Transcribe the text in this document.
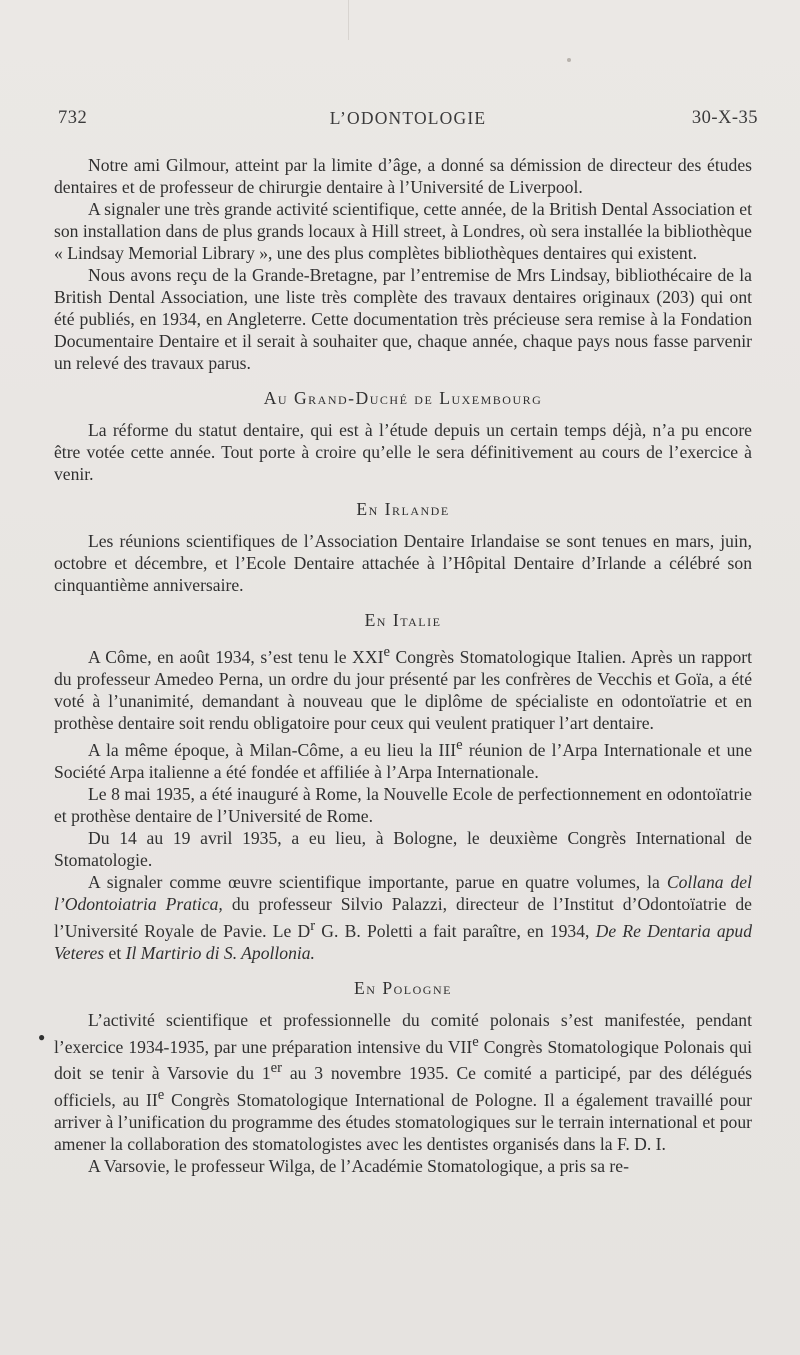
732	L’ODONTOLOGIE	30-X-35

Notre ami Gilmour, atteint par la limite d’âge, a donné sa démission de directeur des études dentaires et de professeur de chirurgie dentaire à l’Université de Liverpool.

A signaler une très grande activité scientifique, cette année, de la British Dental Association et son installation dans de plus grands locaux à Hill street, à Londres, où sera installée la bibliothèque « Lindsay Memorial Library », une des plus complètes bibliothèques dentaires qui existent.

Nous avons reçu de la Grande-Bretagne, par l’entremise de Mrs Lindsay, bibliothécaire de la British Dental Association, une liste très complète des travaux dentaires originaux (203) qui ont été publiés, en 1934, en Angleterre. Cette documentation très précieuse sera remise à la Fondation Documentaire Dentaire et il serait à souhaiter que, chaque année, chaque pays nous fasse parvenir un relevé des travaux parus.

Au Grand-Duché de Luxembourg

La réforme du statut dentaire, qui est à l’étude depuis un certain temps déjà, n’a pu encore être votée cette année. Tout porte à croire qu’elle le sera définitivement au cours de l’exercice à venir.

En Irlande

Les réunions scientifiques de l’Association Dentaire Irlandaise se sont tenues en mars, juin, octobre et décembre, et l’Ecole Dentaire attachée à l’Hôpital Dentaire d’Irlande a célébré son cinquantième anniversaire.

En Italie

A Côme, en août 1934, s’est tenu le XXIe Congrès Stomatologique Italien. Après un rapport du professeur Amedeo Perna, un ordre du jour présenté par les confrères de Vecchis et Goïa, a été voté à l’unanimité, demandant à nouveau que le diplôme de spécialiste en odontoïatrie et en prothèse dentaire soit rendu obligatoire pour ceux qui veulent pratiquer l’art dentaire.

A la même époque, à Milan-Côme, a eu lieu la IIIe réunion de l’Arpa Internationale et une Société Arpa italienne a été fondée et affiliée à l’Arpa Internationale.

Le 8 mai 1935, a été inauguré à Rome, la Nouvelle Ecole de perfectionnement en odontoïatrie et prothèse dentaire de l’Université de Rome.

Du 14 au 19 avril 1935, a eu lieu, à Bologne, le deuxième Congrès International de Stomatologie.

A signaler comme œuvre scientifique importante, parue en quatre volumes, la Collana del l’Odontoiatria Pratica, du professeur Silvio Palazzi, directeur de l’Institut d’Odontoïatrie de l’Université Royale de Pavie. Le $D^r$ G. B. Poletti a fait paraître, en 1934, De Re Dentaria apud Veteres et Il Martirio di S. Apollonia.

En Pologne

L’activité scientifique et professionnelle du comité polonais s’est manifestée, pendant l’exercice 1934-1935, par une préparation intensive du VIIe Congrès Stomatologique Polonais qui doit se tenir à Varsovie du 1er au 3 novembre 1935. Ce comité a participé, par des délégués officiels, au IIe Congrès Stomatologique International de Pologne. Il a également travaillé pour arriver à l’unification du programme des études stomatologiques sur le terrain international et pour amener la collaboration des stomatologistes avec les dentistes organisés dans la F. D. I.

A Varsovie, le professeur Wilga, de l’Académie Stomatologique, a pris sa re-

●
